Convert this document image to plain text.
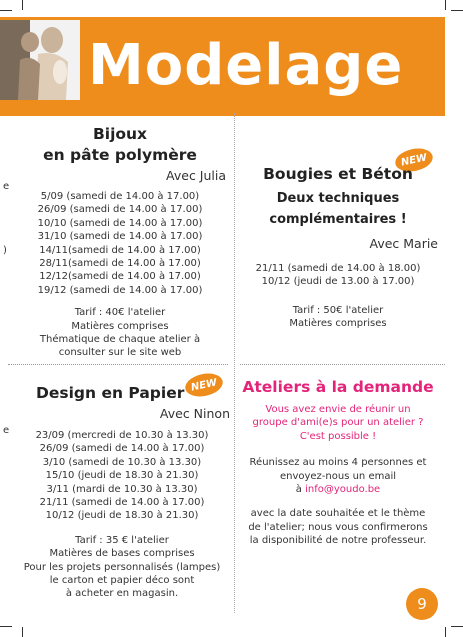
Modelage
e
)
e
Bijoux
en pâte polymère
Avec Julia
5/09 (samedi de 14.00 à 17.00)
26/09 (samedi de 14.00 à 17.00)
10/10 (samedi de 14.00 à 17.00)
31/10 (samedi de 14.00 à 17.00)
14/11(samedi de 14.00 à 17.00)
28/11(samedi de 14.00 à 17.00)
12/12(samedi de 14.00 à 17.00)
19/12 (samedi de 14.00 à 17.00)
Tarif : 40€ l'atelier
Matières comprises
Thématique de chaque atelier à
consulter sur le site web
NEW
Bougies et Béton
Deux techniques
complémentaires !
Avec Marie
21/11 (samedi de 14.00 à 18.00)
10/12 (jeudi de 13.00 à 17.00)
Tarif : 50€ l'atelier
Matières comprises
NEW
Design en Papier
Avec Ninon
23/09 (mercredi de 10.30 à 13.30)
26/09 (samedi de 14.00 à 17.00)
3/10 (samedi de 10.30 à 13.30)
15/10 (jeudi de 18.30 à 21.30)
3/11 (mardi de 10.30 à 13.30)
21/11 (samedi de 14.00 à 17.00)
10/12 (jeudi de 18.30 à 21.30)
Tarif : 35 € l'atelier
Matières de bases comprises
Pour les projets personnalisés (lampes)
le carton et papier déco sont
à acheter en magasin.
Ateliers à la demande
Vous avez envie de réunir un
groupe d'ami(e)s pour un atelier ?
C'est possible !
Réunissez au moins 4 personnes et
envoyez-nous un email
à info@youdo.be
avec la date souhaitée et le thème
de l'atelier; nous vous confirmerons
la disponibilité de notre professeur.
9
